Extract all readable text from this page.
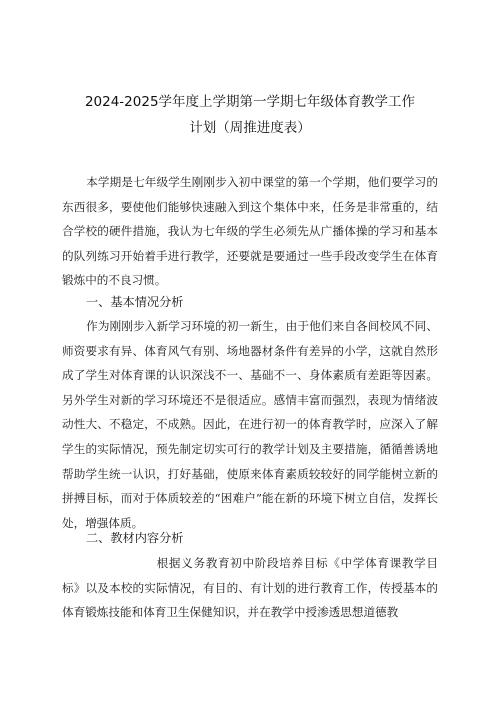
2024-2025学年度上学期第一学期七年级体育教学工作
计划（周推进度表）

本学期是七年级学生刚刚步入初中课堂的第一个学期，他们要学习的东西很多，要使他们能够快速融入到这个集体中来，任务是非常重的，结合学校的硬件措施，我认为七年级的学生必须先从广播体操的学习和基本的队列练习开始着手进行教学，还要就是要通过一些手段改变学生在体育锻炼中的不良习惯。

一、基本情况分析

作为刚刚步入新学习环境的初一新生，由于他们来自各间校风不同、师资要求有异、体育风气有别、场地器材条件有差异的小学，这就自然形成了学生对体育课的认识深浅不一、基础不一、身体素质有差距等因素。另外学生对新的学习环境还不是很适应。感情丰富而强烈，表现为情绪波动性大、不稳定，不成熟。因此，在进行初一的体育教学时，应深入了解学生的实际情况，预先制定切实可行的教学计划及主要措施，循循善诱地帮助学生统一认识，打好基础，使原来体育素质较较好的同学能树立新的拼搏目标，而对于体质较差的“困难户”能在新的环境下树立自信，发挥长处，增强体质。

二、教材内容分析

根据义务教育初中阶段培养目标《中学体育课教学目标》以及本校的实际情况，有目的、有计划的进行教育工作，传授基本的体育锻炼技能和体育卫生保健知识，并在教学中授渗透思想道德教
